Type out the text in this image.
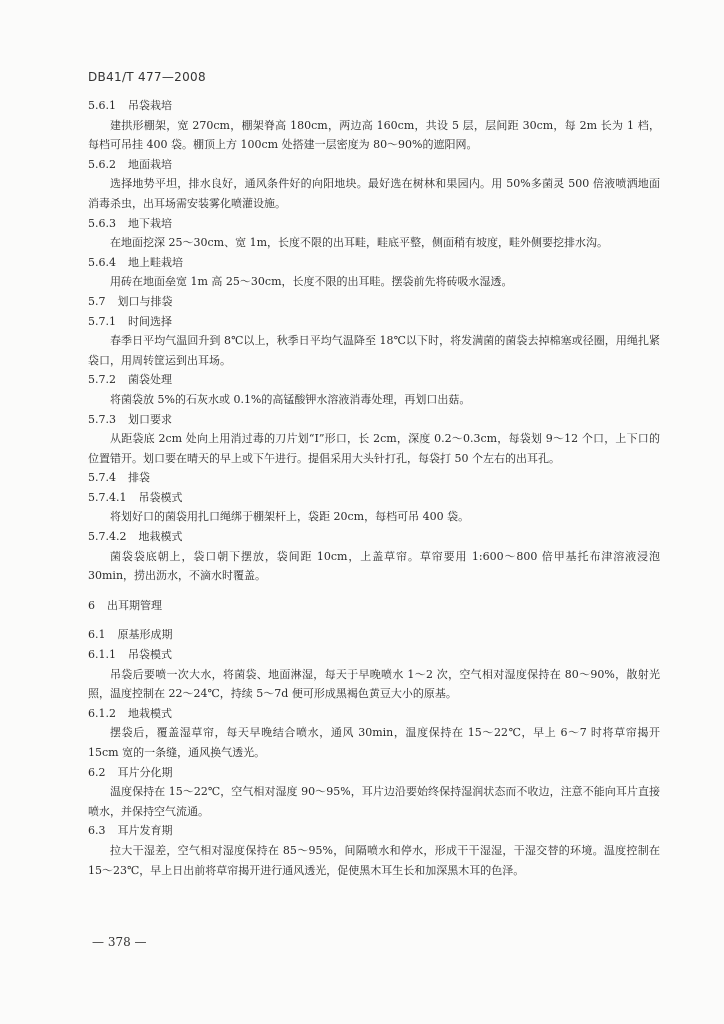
DB41/T 477—2008
5.6.1 吊袋栽培
建拱形棚架，宽 270cm，棚架脊高 180cm，两边高 160cm，共设 5 层，层间距 30cm，每 2m 长为 1 档，每档可吊挂 400 袋。棚顶上方 100cm 处搭建一层密度为 80～90%的遮阳网。
5.6.2 地面栽培
选择地势平坦，排水良好，通风条件好的向阳地块。最好选在树林和果园内。用 50%多菌灵 500 倍液喷洒地面消毒杀虫，出耳场需安装雾化喷灌设施。
5.6.3 地下栽培
在地面挖深 25～30cm、宽 1m，长度不限的出耳畦，畦底平整，侧面稍有坡度，畦外侧要挖排水沟。
5.6.4 地上畦栽培
用砖在地面垒宽 1m 高 25～30cm，长度不限的出耳畦。摆袋前先将砖吸水湿透。
5.7 划口与排袋
5.7.1 时间选择
春季日平均气温回升到 8℃以上，秋季日平均气温降至 18℃以下时，将发满菌的菌袋去掉棉塞或径圈，用绳扎紧袋口，用周转筐运到出耳场。
5.7.2 菌袋处理
将菌袋放 5%的石灰水或 0.1%的高锰酸钾水溶液消毒处理，再划口出菇。
5.7.3 划口要求
从距袋底 2cm 处向上用消过毒的刀片划“I”形口，长 2cm，深度 0.2～0.3cm，每袋划 9～12 个口，上下口的位置错开。划口要在晴天的早上或下午进行。提倡采用大头针打孔，每袋打 50 个左右的出耳孔。
5.7.4 排袋
5.7.4.1 吊袋模式
将划好口的菌袋用扎口绳绑于棚架杆上，袋距 20cm，每档可吊 400 袋。
5.7.4.2 地栽模式
菌袋袋底朝上，袋口朝下摆放，袋间距 10cm，上盖草帘。草帘要用 1:600～800 倍甲基托布津溶液浸泡 30min，捞出沥水，不滴水时覆盖。
6 出耳期管理
6.1 原基形成期
6.1.1 吊袋模式
吊袋后要喷一次大水，将菌袋、地面淋湿，每天于早晚喷水 1～2 次，空气相对湿度保持在 80～90%，散射光照，温度控制在 22～24℃，持续 5～7d 便可形成黑褐色黄豆大小的原基。
6.1.2 地栽模式
摆袋后，覆盖湿草帘，每天早晚结合喷水，通风 30min，温度保持在 15～22℃，早上 6～7 时将草帘揭开 15cm 宽的一条缝，通风换气透光。
6.2 耳片分化期
温度保持在 15～22℃，空气相对湿度 90～95%，耳片边沿要始终保持湿润状态而不收边，注意不能向耳片直接喷水，并保持空气流通。
6.3 耳片发育期
拉大干湿差，空气相对湿度保持在 85～95%，间隔喷水和停水，形成干干湿湿，干湿交替的环境。温度控制在 15～23℃，早上日出前将草帘揭开进行通风透光，促使黑木耳生长和加深黑木耳的色泽。
— 378 —
